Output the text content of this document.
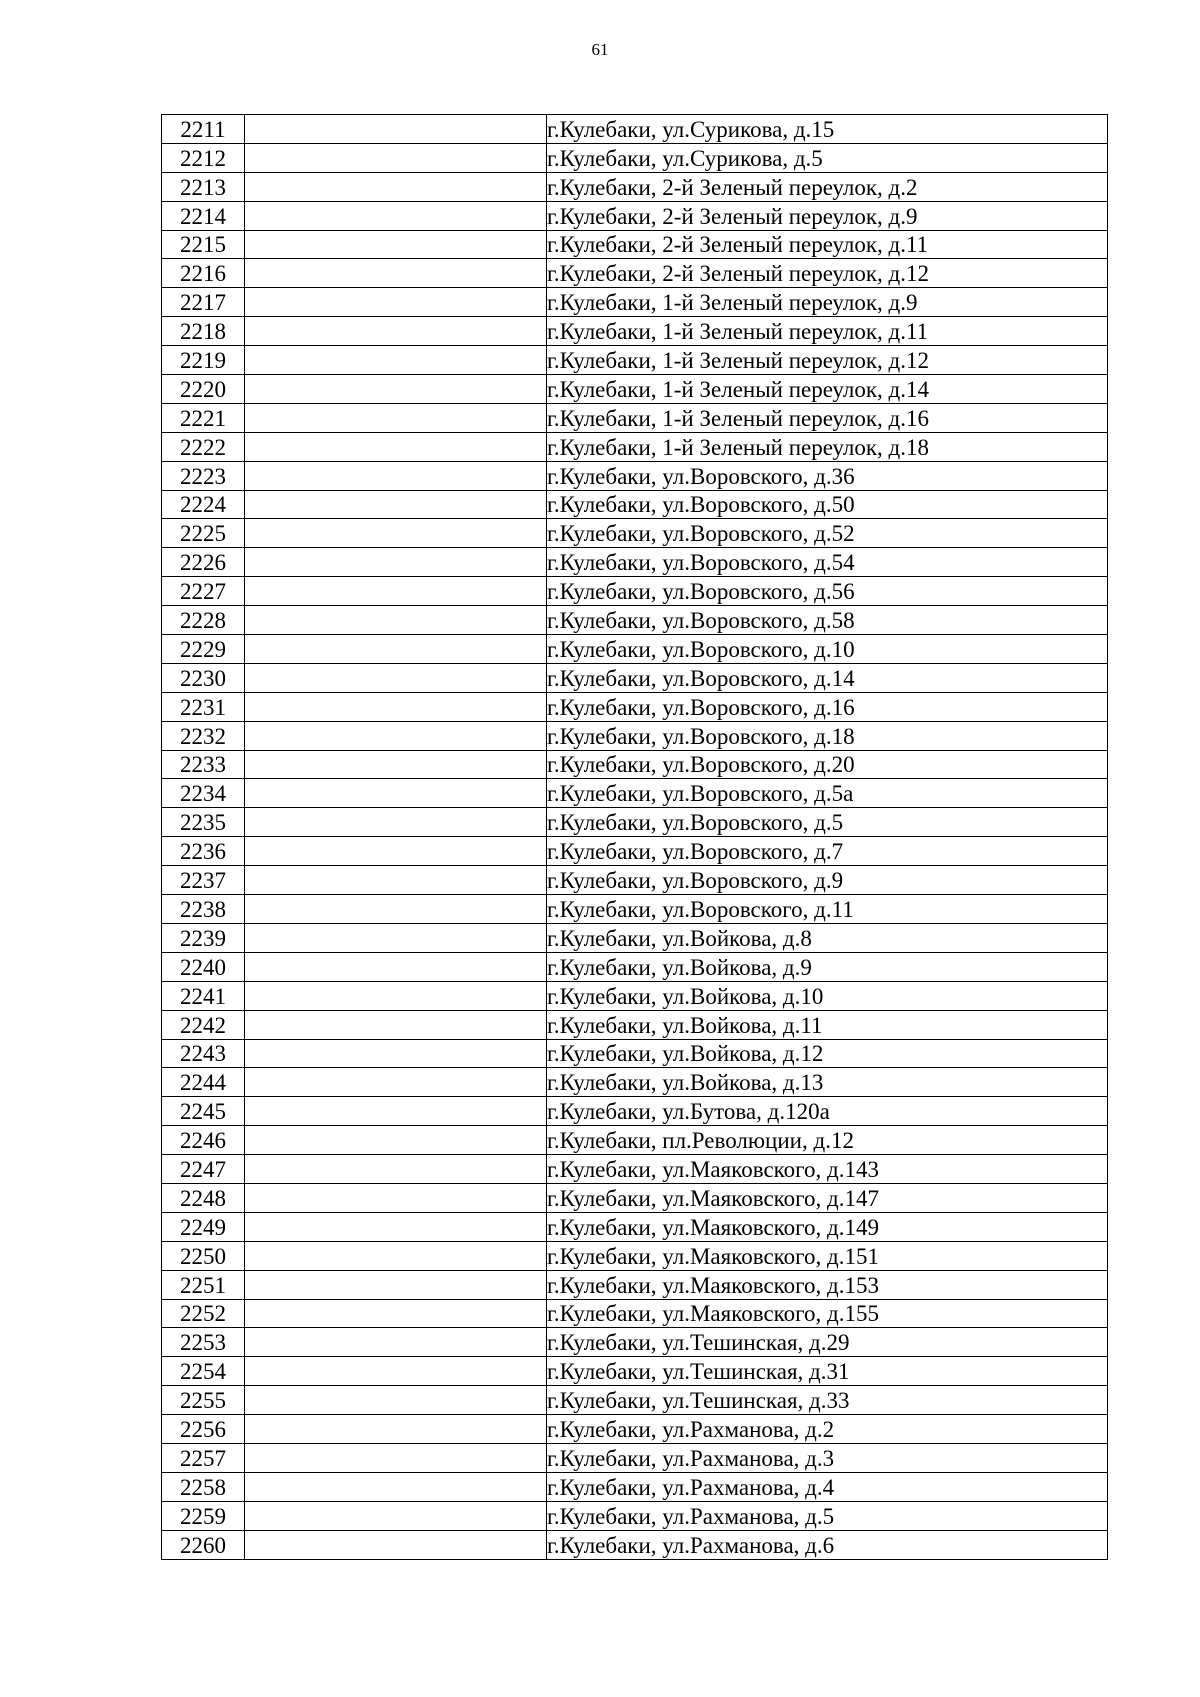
61
2211		г.Кулебаки, ул.Сурикова, д.15
2212		г.Кулебаки, ул.Сурикова, д.5
2213		г.Кулебаки, 2-й Зеленый переулок, д.2
2214		г.Кулебаки, 2-й Зеленый переулок, д.9
2215		г.Кулебаки, 2-й Зеленый переулок, д.11
2216		г.Кулебаки, 2-й Зеленый переулок, д.12
2217		г.Кулебаки, 1-й Зеленый переулок, д.9
2218		г.Кулебаки, 1-й Зеленый переулок, д.11
2219		г.Кулебаки, 1-й Зеленый переулок, д.12
2220		г.Кулебаки, 1-й Зеленый переулок, д.14
2221		г.Кулебаки, 1-й Зеленый переулок, д.16
2222		г.Кулебаки, 1-й Зеленый переулок, д.18
2223		г.Кулебаки, ул.Воровского, д.36
2224		г.Кулебаки, ул.Воровского, д.50
2225		г.Кулебаки, ул.Воровского, д.52
2226		г.Кулебаки, ул.Воровского, д.54
2227		г.Кулебаки, ул.Воровского, д.56
2228		г.Кулебаки, ул.Воровского, д.58
2229		г.Кулебаки, ул.Воровского, д.10
2230		г.Кулебаки, ул.Воровского, д.14
2231		г.Кулебаки, ул.Воровского, д.16
2232		г.Кулебаки, ул.Воровского, д.18
2233		г.Кулебаки, ул.Воровского, д.20
2234		г.Кулебаки, ул.Воровского, д.5а
2235		г.Кулебаки, ул.Воровского, д.5
2236		г.Кулебаки, ул.Воровского, д.7
2237		г.Кулебаки, ул.Воровского, д.9
2238		г.Кулебаки, ул.Воровского, д.11
2239		г.Кулебаки, ул.Войкова, д.8
2240		г.Кулебаки, ул.Войкова, д.9
2241		г.Кулебаки, ул.Войкова, д.10
2242		г.Кулебаки, ул.Войкова, д.11
2243		г.Кулебаки, ул.Войкова, д.12
2244		г.Кулебаки, ул.Войкова, д.13
2245		г.Кулебаки, ул.Бутова, д.120а
2246		г.Кулебаки, пл.Революции, д.12
2247		г.Кулебаки, ул.Маяковского, д.143
2248		г.Кулебаки, ул.Маяковского, д.147
2249		г.Кулебаки, ул.Маяковского, д.149
2250		г.Кулебаки, ул.Маяковского, д.151
2251		г.Кулебаки, ул.Маяковского, д.153
2252		г.Кулебаки, ул.Маяковского, д.155
2253		г.Кулебаки, ул.Тешинская, д.29
2254		г.Кулебаки, ул.Тешинская, д.31
2255		г.Кулебаки, ул.Тешинская, д.33
2256		г.Кулебаки, ул.Рахманова, д.2
2257		г.Кулебаки, ул.Рахманова, д.3
2258		г.Кулебаки, ул.Рахманова, д.4
2259		г.Кулебаки, ул.Рахманова, д.5
2260		г.Кулебаки, ул.Рахманова, д.6
